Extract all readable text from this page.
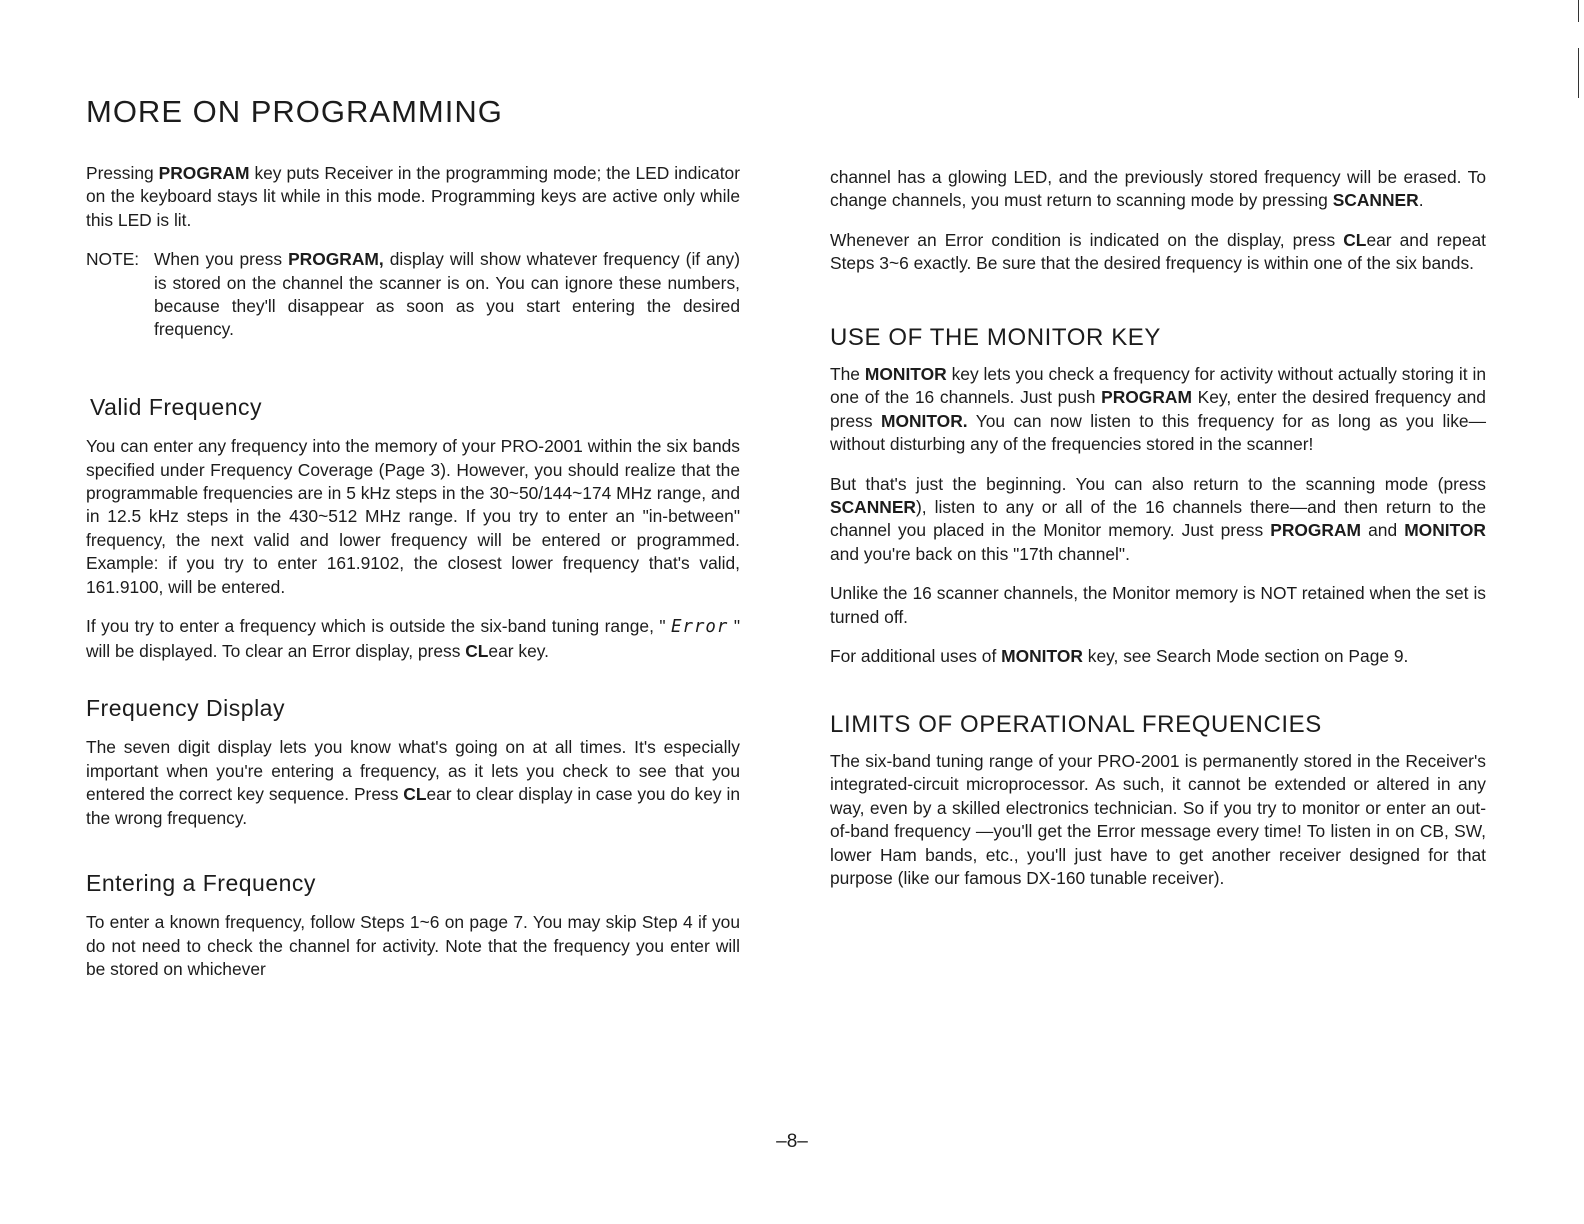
MORE ON PROGRAMMING

Pressing PROGRAM key puts Receiver in the programming mode; the LED indicator on the keyboard stays lit while in this mode. Programming keys are active only while this LED is lit.

NOTE: When you press PROGRAM, display will show whatever frequency (if any) is stored on the channel the scanner is on. You can ignore these numbers, because they'll disappear as soon as you start entering the desired frequency.
Valid Frequency

You can enter any frequency into the memory of your PRO-2001 within the six bands specified under Frequency Coverage (Page 3). However, you should realize that the programmable frequencies are in 5 kHz steps in the 30~50/144~174 MHz range, and in 12.5 kHz steps in the 430~512 MHz range. If you try to enter an "in-between" frequency, the next valid and lower frequency will be entered or programmed. Example: if you try to enter 161.9102, the closest lower frequency that's valid, 161.9100, will be entered.

If you try to enter a frequency which is outside the six-band tuning range, " Error " will be displayed. To clear an Error display, press CLear key.

Frequency Display

The seven digit display lets you know what's going on at all times. It's especially important when you're entering a frequency, as it lets you check to see that you entered the correct key sequence. Press CLear to clear display in case you do key in the wrong frequency.

Entering a Frequency

To enter a known frequency, follow Steps 1~6 on page 7. You may skip Step 4 if you do not need to check the channel for activity. Note that the frequency you enter will be stored on whichever

channel has a glowing LED, and the previously stored frequency will be erased. To change channels, you must return to scanning mode by pressing SCANNER.

Whenever an Error condition is indicated on the display, press CLear and repeat Steps 3~6 exactly. Be sure that the desired frequency is within one of the six bands.

USE OF THE MONITOR KEY

The MONITOR key lets you check a frequency for activity without actually storing it in one of the 16 channels. Just push PROGRAM Key, enter the desired frequency and press MONITOR. You can now listen to this frequency for as long as you like—without disturbing any of the frequencies stored in the scanner!

But that's just the beginning. You can also return to the scanning mode (press SCANNER), listen to any or all of the 16 channels there—and then return to the channel you placed in the Monitor memory. Just press PROGRAM and MONITOR and you're back on this "17th channel".

Unlike the 16 scanner channels, the Monitor memory is NOT retained when the set is turned off.

For additional uses of MONITOR key, see Search Mode section on Page 9.

LIMITS OF OPERATIONAL FREQUENCIES

The six-band tuning range of your PRO-2001 is permanently stored in the Receiver's integrated-circuit microprocessor. As such, it cannot be extended or altered in any way, even by a skilled electronics technician. So if you try to monitor or enter an out-of-band frequency —you'll get the Error message every time! To listen in on CB, SW, lower Ham bands, etc., you'll just have to get another receiver designed for that purpose (like our famous DX-160 tunable receiver).

–8–
